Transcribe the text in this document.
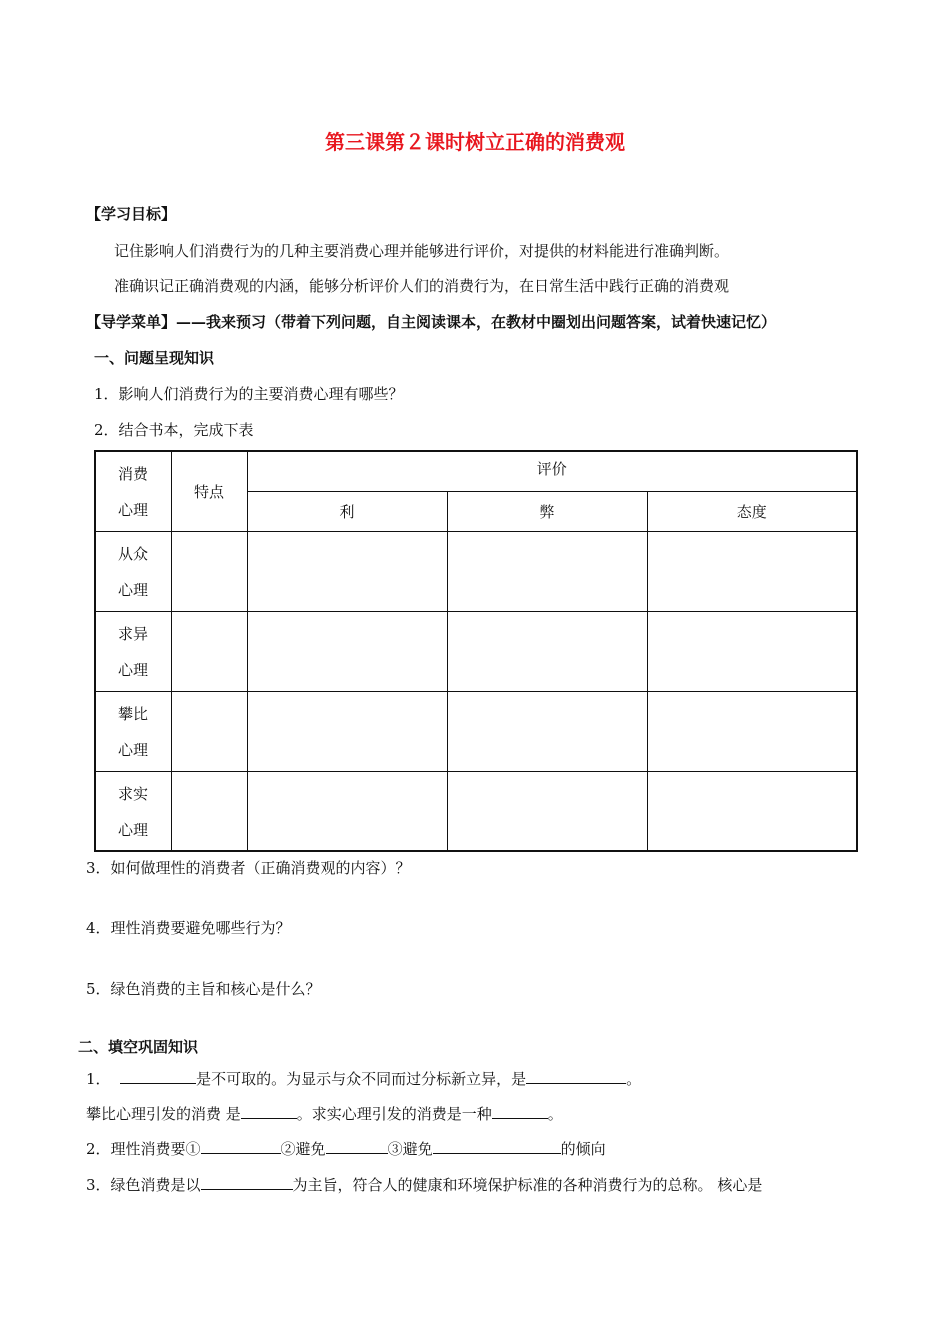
第三课第２课时树立正确的消费观
【学习目标】
记住影响人们消费行为的几种主要消费心理并能够进行评价，对提供的材料能进行准确判断。
准确识记正确消费观的内涵，能够分析评价人们的消费行为，在日常生活中践行正确的消费观
【导学菜单】——我来预习（带着下列问题，自主阅读课本，在教材中圈划出问题答案，试着快速记忆）
一、问题呈现知识
1．影响人们消费行为的主要消费心理有哪些？
2．结合书本，完成下表
消费
心理	特点	评价		
		利	弊	态度

从众
心理				

求异
心理				

攀比
心理				

求实
心理				

3．如何做理性的消费者（正确消费观的内容）？
4．理性消费要避免哪些行为？
5．绿色消费的主旨和核心是什么？
二、填空巩固知识
1．	是不可取的。为显示与众不同而过分标新立异，是	。
攀比心理引发的消费 是	。求实心理引发的消费是一种	。
2．理性消费要①	②避免	③避免	的倾向
3．绿色消费是以	为主旨，符合人的健康和环境保护标准的各种消费行为的总称。 核心是
